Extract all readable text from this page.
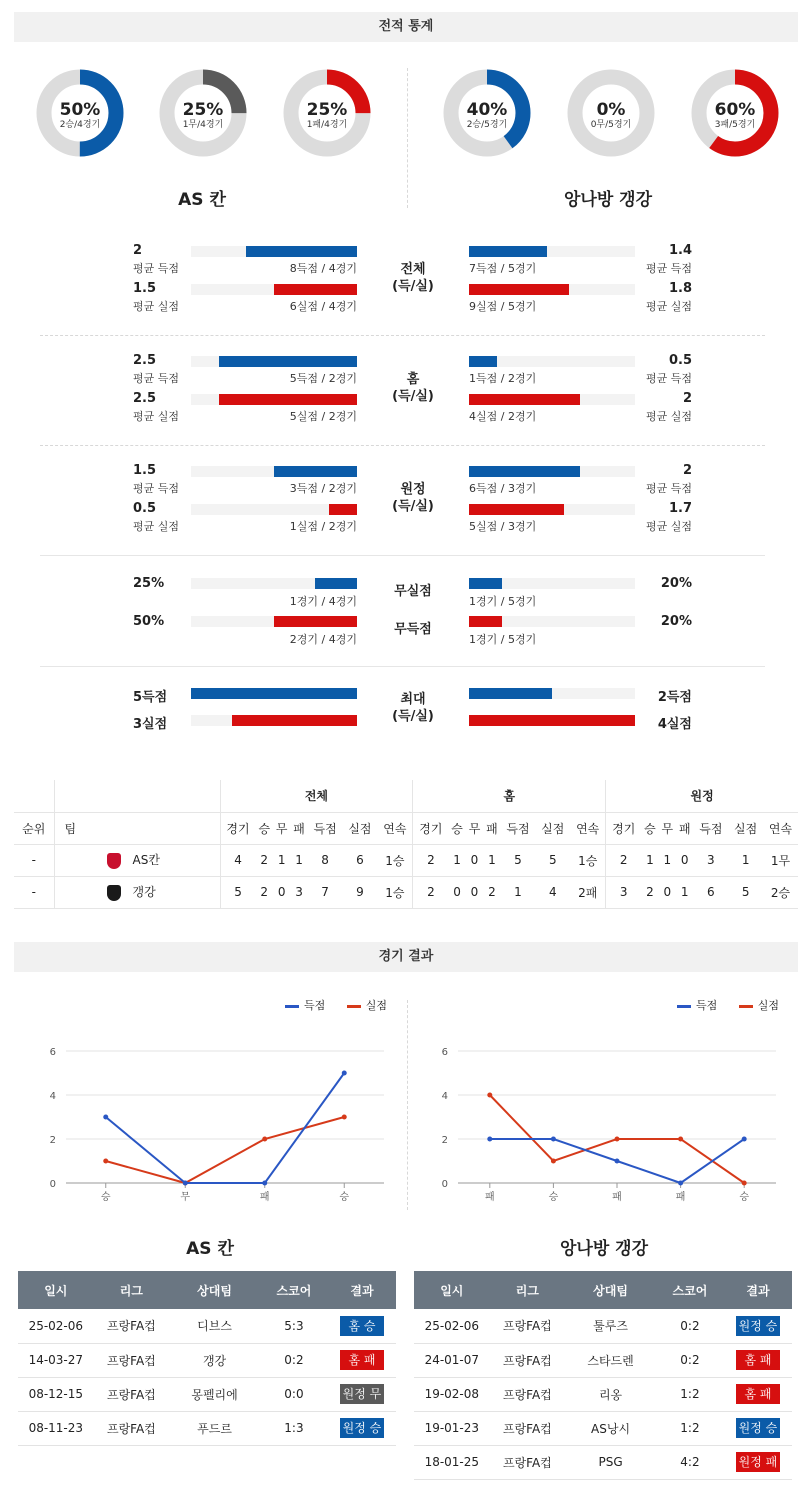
전적 통계
50%
2승/4경기
25%
1무/4경기
25%
1패/4경기
40%
2승/5경기
0%
0무/5경기
60%
3패/5경기
AS 칸	앙나방 갱강
2
평균 득점	8득점 / 4경기
1.5
평균 실점	6실점 / 4경기
전체
(득/실)
7득점 / 5경기
1.4
평균 득점
9실점 / 5경기
1.8
평균 실점
2.5
평균 득점	5득점 / 2경기
2.5
평균 실점	5실점 / 2경기
홈
(득/실)
1득점 / 2경기
0.5
평균 득점
4실점 / 2경기
2
평균 실점
1.5
평균 득점	3득점 / 2경기
0.5
평균 실점	1실점 / 2경기
원정
(득/실)
6득점 / 3경기
2
평균 득점
5실점 / 3경기
1.7
평균 실점
25%
1경기 / 4경기
50%
2경기 / 4경기
무실점
무득점
1경기 / 5경기
20%
1경기 / 5경기
20%
5득점
3실점
최대
(득/실)
2득점
4실점
		전체							홈							원정						
순위	팀	경기	승	무	패	득점	실점	연속	경기	승	무	패	득점	실점	연속	경기	승	무	패	득점	실점	연속
-	AS칸	4	2	1	1	8	6	1승	2	1	0	1	5	5	1승	2	1	1	0	3	1	1무
-	갱강	5	2	0	3	7	9	1승	2	0	0	2	1	4	2패	3	2	0	1	6	5	2승
경기 결과
득점	실점	득점	실점
0
2
4
6
승	무	패	승
0
2
4
6
패	승	패	패	승
AS 칸	앙나방 갱강
일시	리그	상대팀	스코어	결과
25-02-06	프랑FA컵	디브스	5:3	홈 승
14-03-27	프랑FA컵	갱강	0:2	홈 패
08-12-15	프랑FA컵	몽펠리에	0:0	원정 무
08-11-23	프랑FA컵	푸드르	1:3	원정 승
일시	리그	상대팀	스코어	결과
25-02-06	프랑FA컵	툴루즈	0:2	원정 승
24-01-07	프랑FA컵	스타드렌	0:2	홈 패
19-02-08	프랑FA컵	리옹	1:2	홈 패
19-01-23	프랑FA컵	AS낭시	1:2	원정 승
18-01-25	프랑FA컵	PSG	4:2	원정 패
